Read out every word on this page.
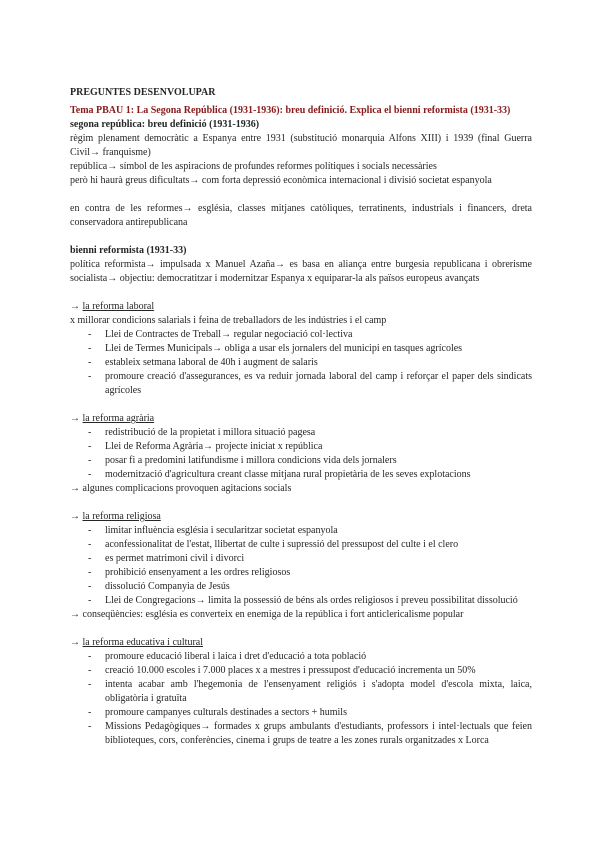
PREGUNTES DESENVOLUPAR
Tema PBAU 1: La Segona República (1931-1936): breu definició. Explica el bienni reformista (1931-33)
segona república: breu definició (1931-1936)
règim plenament democràtic a Espanya entre 1931 (substitució monarquia Alfons XIII) i 1939 (final Guerra Civil→ franquisme)
república→ símbol de les aspiracions de profundes reformes polítiques i socials necessàries
però hi haurà greus dificultats→ com forta depressió econòmica internacional i divisió societat espanyola
en contra de les reformes→ església, classes mitjanes catòliques, terratinents, industrials i financers, dreta conservadora antirepublicana
bienni reformista (1931-33)
política reformista→ impulsada x Manuel Azaña→ es basa en aliança entre burgesia republicana i obrerisme socialista→ objectiu: democratitzar i modernitzar Espanya x equiparar-la als països europeus avançats
→ la reforma laboral
x millorar condicions salarials i feina de treballadors de les indústries i el camp
- Llei de Contractes de Treball→ regular negociació col·lectiva
- Llei de Termes Municipals→ obliga a usar els jornalers del municipi en tasques agrícoles
- estableix setmana laboral de 40h i augment de salaris
- promoure creació d'assegurances, es va reduir jornada laboral del camp i reforçar el paper dels sindicats agrícoles
→ la reforma agrària
- redistribució de la propietat i millora situació pagesa
- Llei de Reforma Agrària→ projecte iniciat x república
- posar fi a predomini latifundisme i millora condicions vida dels jornalers
- modernització d'agricultura creant classe mitjana rural propietària de les seves explotacions
→ algunes complicacions provoquen agitacions socials
→ la reforma religiosa
- limitar influència església i secularitzar societat espanyola
- aconfessionalitat de l'estat, llibertat de culte i supressió del pressupost del culte i el clero
- es permet matrimoni civil i divorci
- prohibició ensenyament a les ordres religiosos
- dissolució Companyia de Jesús
- Llei de Congregacions→ limita la possessió de béns als ordes religiosos i preveu possibilitat dissolució
→ conseqüències: església es converteix en enemiga de la república i fort anticlericalisme popular
→ la reforma educativa i cultural
- promoure educació liberal i laica i dret d'educació a tota població
- creació 10.000 escoles i 7.000 places x a mestres i pressupost d'educació incrementa un 50%
- intenta acabar amb l'hegemonia de l'ensenyament religiós i s'adopta model d'escola mixta, laica, obligatòria i gratuïta
- promoure campanyes culturals destinades a sectors + humils
- Missions Pedagògiques→ formades x grups ambulants d'estudiants, professors i intel·lectuals que feien biblioteques, cors, conferències, cinema i grups de teatre a les zones rurals organitzades x Lorca
